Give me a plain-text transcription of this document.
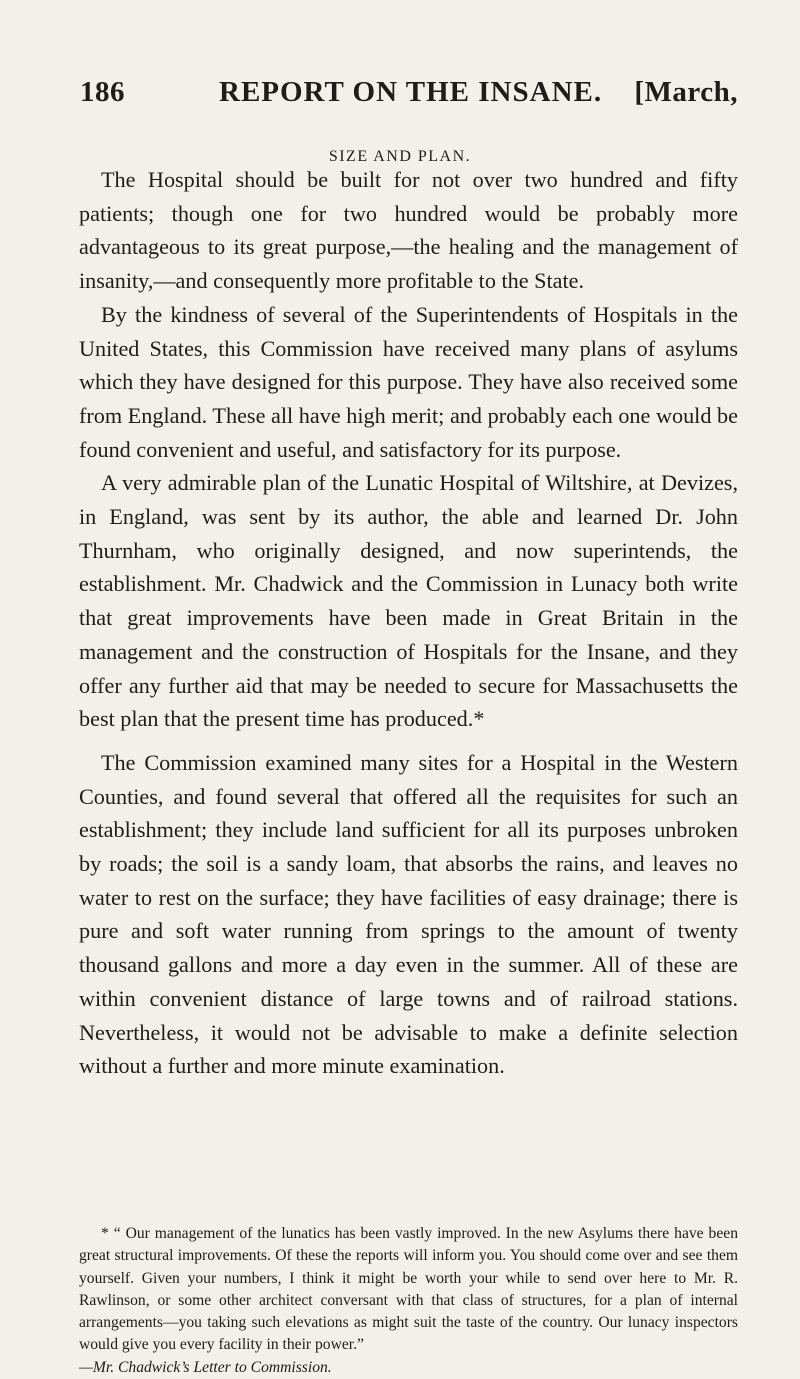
186	REPORT ON THE INSANE. [March,
SIZE AND PLAN.

The Hospital should be built for not over two hundred and fifty patients; though one for two hundred would be probably more advantageous to its great purpose,—the healing and the management of insanity,—and consequently more profitable to the State.

By the kindness of several of the Superintendents of Hospitals in the United States, this Commission have received many plans of asylums which they have designed for this purpose. They have also received some from England. These all have high merit; and probably each one would be found convenient and useful, and satisfactory for its purpose.

A very admirable plan of the Lunatic Hospital of Wiltshire, at Devizes, in England, was sent by its author, the able and learned Dr. John Thurnham, who originally designed, and now superintends, the establishment. Mr. Chadwick and the Commission in Lunacy both write that great improvements have been made in Great Britain in the management and the construction of Hospitals for the Insane, and they offer any further aid that may be needed to secure for Massachusetts the best plan that the present time has produced.*

The Commission examined many sites for a Hospital in the Western Counties, and found several that offered all the requisites for such an establishment; they include land sufficient for all its purposes unbroken by roads; the soil is a sandy loam, that absorbs the rains, and leaves no water to rest on the surface; they have facilities of easy drainage; there is pure and soft water running from springs to the amount of twenty thousand gallons and more a day even in the summer. All of these are within convenient distance of large towns and of railroad stations. Nevertheless, it would not be advisable to make a definite selection without a further and more minute examination.

* “ Our management of the lunatics has been vastly improved. In the new Asylums there have been great structural improvements. Of these the reports will inform you. You should come over and see them yourself. Given your numbers, I think it might be worth your while to send over here to Mr. R. Rawlinson, or some other architect conversant with that class of structures, for a plan of internal arrangements—you taking such elevations as might suit the taste of the country. Our lunacy inspectors would give you every facility in their power.”

—Mr. Chadwick’s Letter to Commission.
